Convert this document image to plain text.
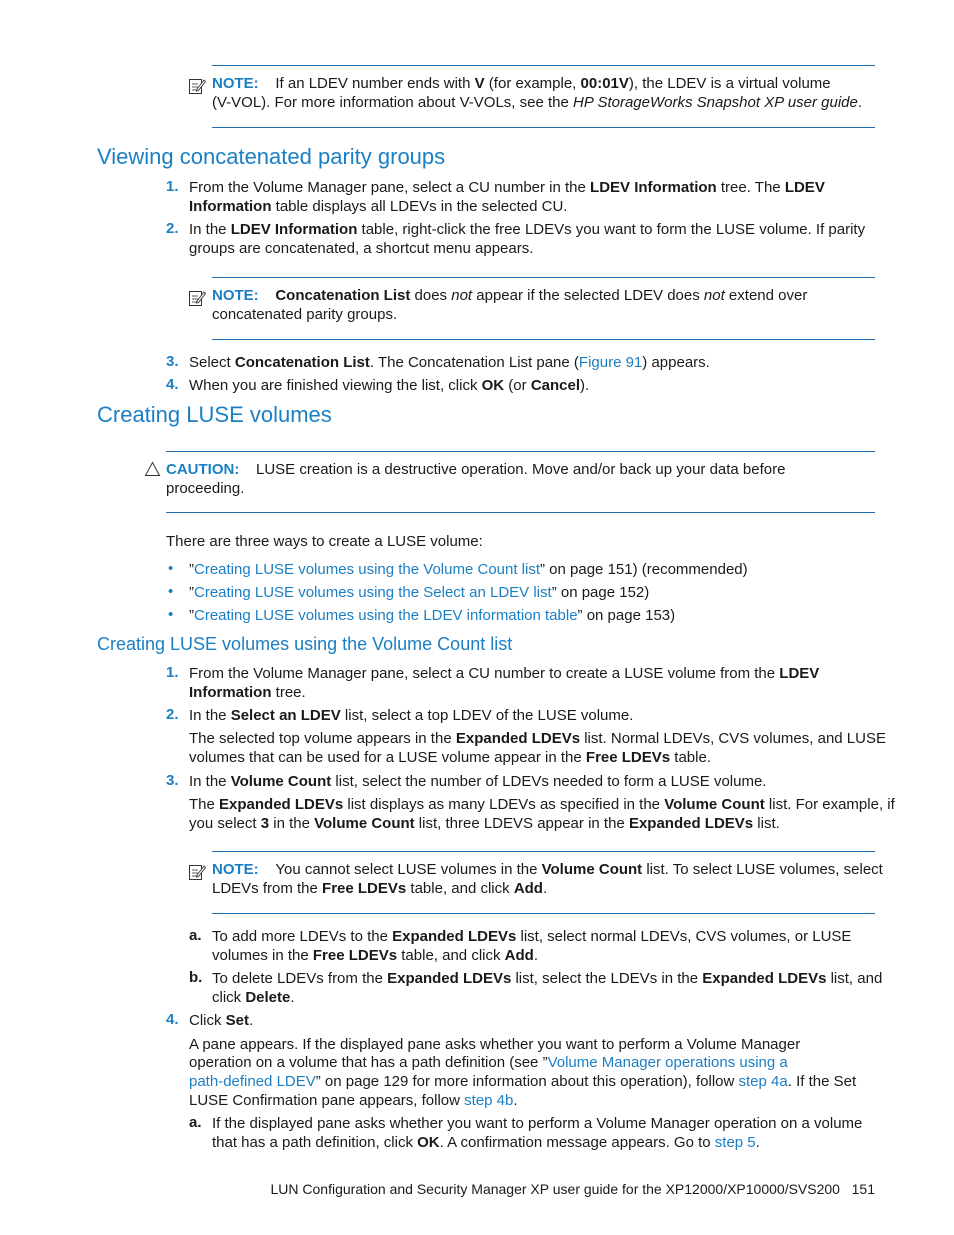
NOTE: If an LDEV number ends with V (for example, 00:01V), the LDEV is a virtual volume
(V-VOL). For more information about V-VOLs, see the HP StorageWorks Snapshot XP user guide.
Viewing concatenated parity groups
1. From the Volume Manager pane, select a CU number in the LDEV Information tree. The LDEV
Information table displays all LDEVs in the selected CU.
2. In the LDEV Information table, right-click the free LDEVs you want to form the LUSE volume. If parity
groups are concatenated, a shortcut menu appears.
NOTE: Concatenation List does not appear if the selected LDEV does not extend over
concatenated parity groups.
3. Select Concatenation List. The Concatenation List pane (Figure 91) appears.
4. When you are finished viewing the list, click OK (or Cancel).
Creating LUSE volumes
CAUTION: LUSE creation is a destructive operation. Move and/or back up your data before
proceeding.
There are three ways to create a LUSE volume:
• ”Creating LUSE volumes using the Volume Count list” on page 151) (recommended)
• ”Creating LUSE volumes using the Select an LDEV list” on page 152)
• ”Creating LUSE volumes using the LDEV information table” on page 153)
Creating LUSE volumes using the Volume Count list
1. From the Volume Manager pane, select a CU number to create a LUSE volume from the LDEV
Information tree.
2. In the Select an LDEV list, select a top LDEV of the LUSE volume.
The selected top volume appears in the Expanded LDEVs list. Normal LDEVs, CVS volumes, and LUSE
volumes that can be used for a LUSE volume appear in the Free LDEVs table.
3. In the Volume Count list, select the number of LDEVs needed to form a LUSE volume.
The Expanded LDEVs list displays as many LDEVs as specified in the Volume Count list. For example, if
you select 3 in the Volume Count list, three LDEVS appear in the Expanded LDEVs list.
NOTE: You cannot select LUSE volumes in the Volume Count list. To select LUSE volumes, select
LDEVs from the Free LDEVs table, and click Add.
a. To add more LDEVs to the Expanded LDEVs list, select normal LDEVs, CVS volumes, or LUSE
volumes in the Free LDEVs table, and click Add.
b. To delete LDEVs from the Expanded LDEVs list, select the LDEVs in the Expanded LDEVs list, and
click Delete.
4. Click Set.
A pane appears. If the displayed pane asks whether you want to perform a Volume Manager
operation on a volume that has a path definition (see ”Volume Manager operations using a
path-defined LDEV” on page 129 for more information about this operation), follow step 4a. If the Set
LUSE Confirmation pane appears, follow step 4b.
a. If the displayed pane asks whether you want to perform a Volume Manager operation on a volume
that has a path definition, click OK. A confirmation message appears. Go to step 5.
LUN Configuration and Security Manager XP user guide for the XP12000/XP10000/SVS200 151
